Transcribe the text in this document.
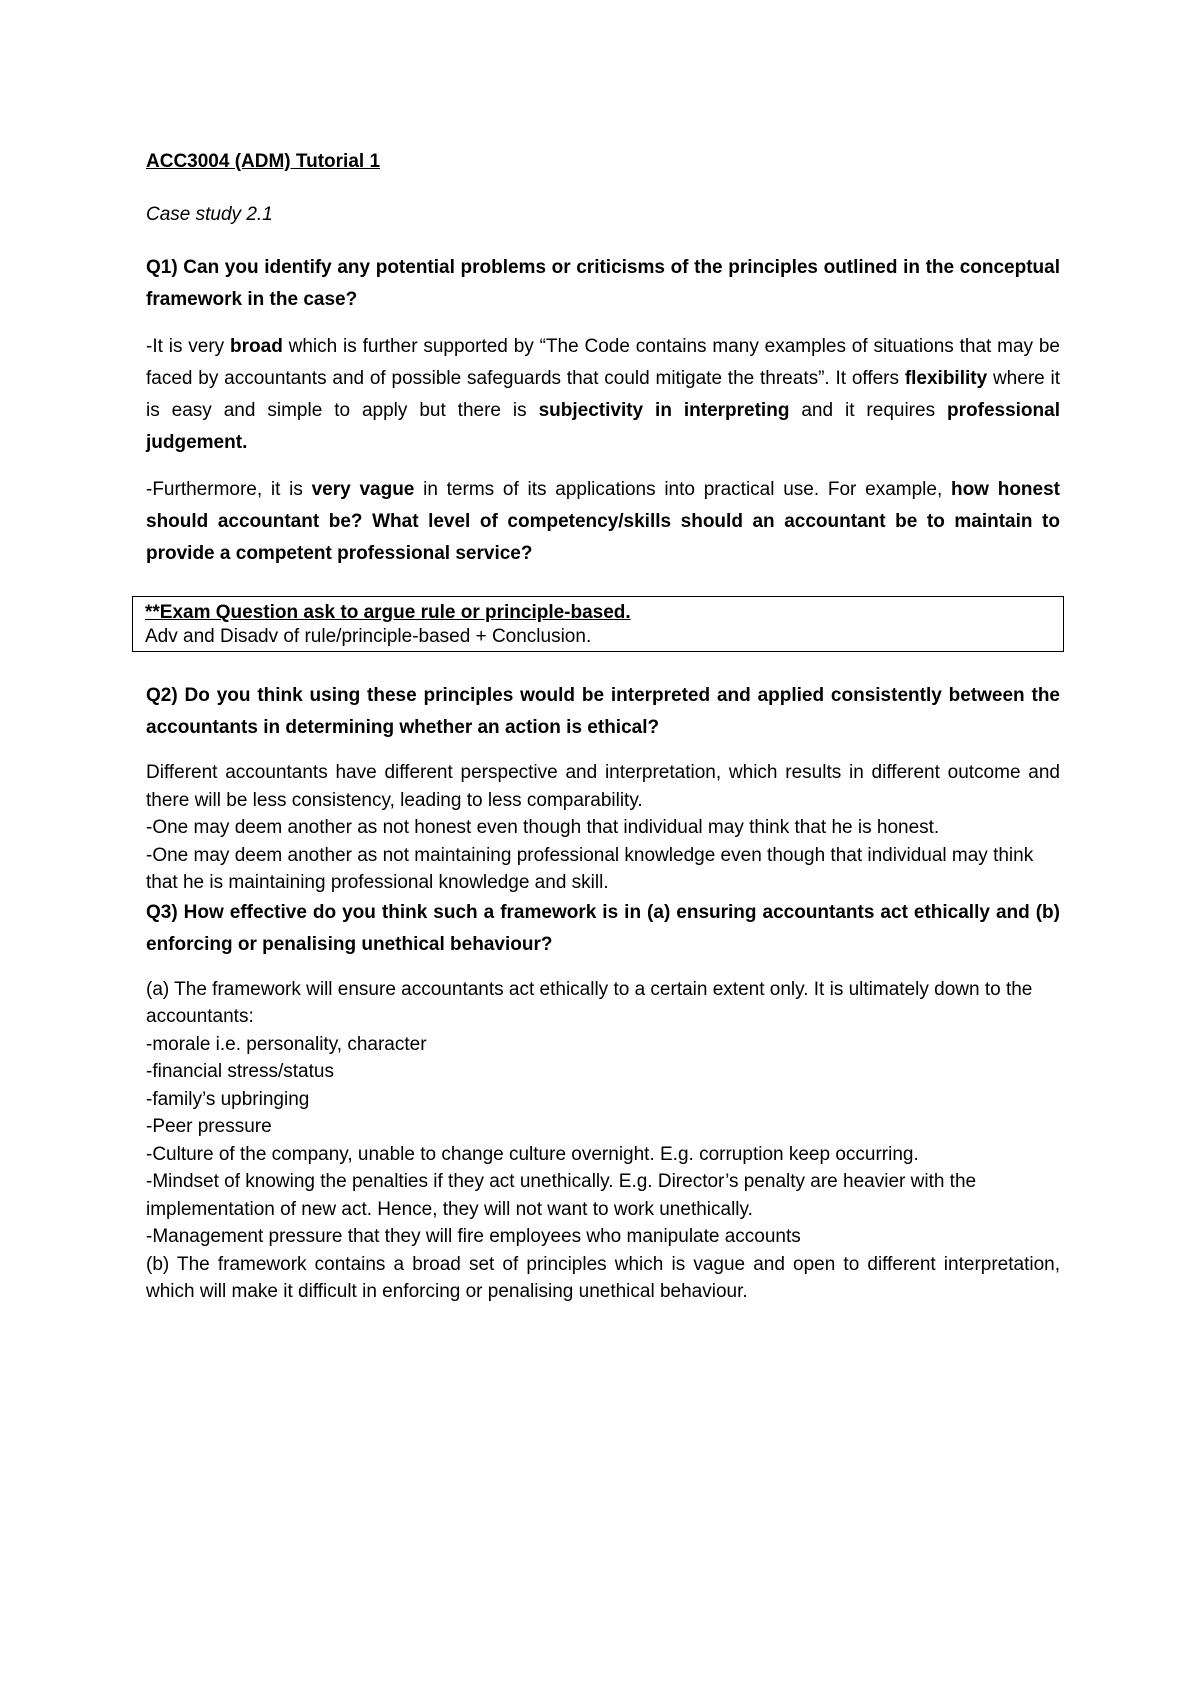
ACC3004 (ADM) Tutorial 1

Case study 2.1

Q1) Can you identify any potential problems or criticisms of the principles outlined in the conceptual framework in the case?

-It is very broad which is further supported by “The Code contains many examples of situations that may be faced by accountants and of possible safeguards that could mitigate the threats”. It offers flexibility where it is easy and simple to apply but there is subjectivity in interpreting and it requires professional judgement.

-Furthermore, it is very vague in terms of its applications into practical use. For example, how honest should accountant be? What level of competency/skills should an accountant be to maintain to provide a competent professional service?

**Exam Question ask to argue rule or principle-based.

Adv and Disadv of rule/principle-based + Conclusion.

Q2) Do you think using these principles would be interpreted and applied consistently between the accountants in determining whether an action is ethical?

Different accountants have different perspective and interpretation, which results in different outcome and there will be less consistency, leading to less comparability.

-One may deem another as not honest even though that individual may think that he is honest.

-One may deem another as not maintaining professional knowledge even though that individual may think that he is maintaining professional knowledge and skill.

Q3) How effective do you think such a framework is in (a) ensuring accountants act ethically and (b) enforcing or penalising unethical behaviour?

(a) The framework will ensure accountants act ethically to a certain extent only. It is ultimately down to the accountants:

-morale i.e. personality, character

-financial stress/status

-family’s upbringing

-Peer pressure

-Culture of the company, unable to change culture overnight. E.g. corruption keep occurring.

-Mindset of knowing the penalties if they act unethically. E.g. Director’s penalty are heavier with the implementation of new act. Hence, they will not want to work unethically.

-Management pressure that they will fire employees who manipulate accounts

(b) The framework contains a broad set of principles which is vague and open to different interpretation, which will make it difficult in enforcing or penalising unethical behaviour.
